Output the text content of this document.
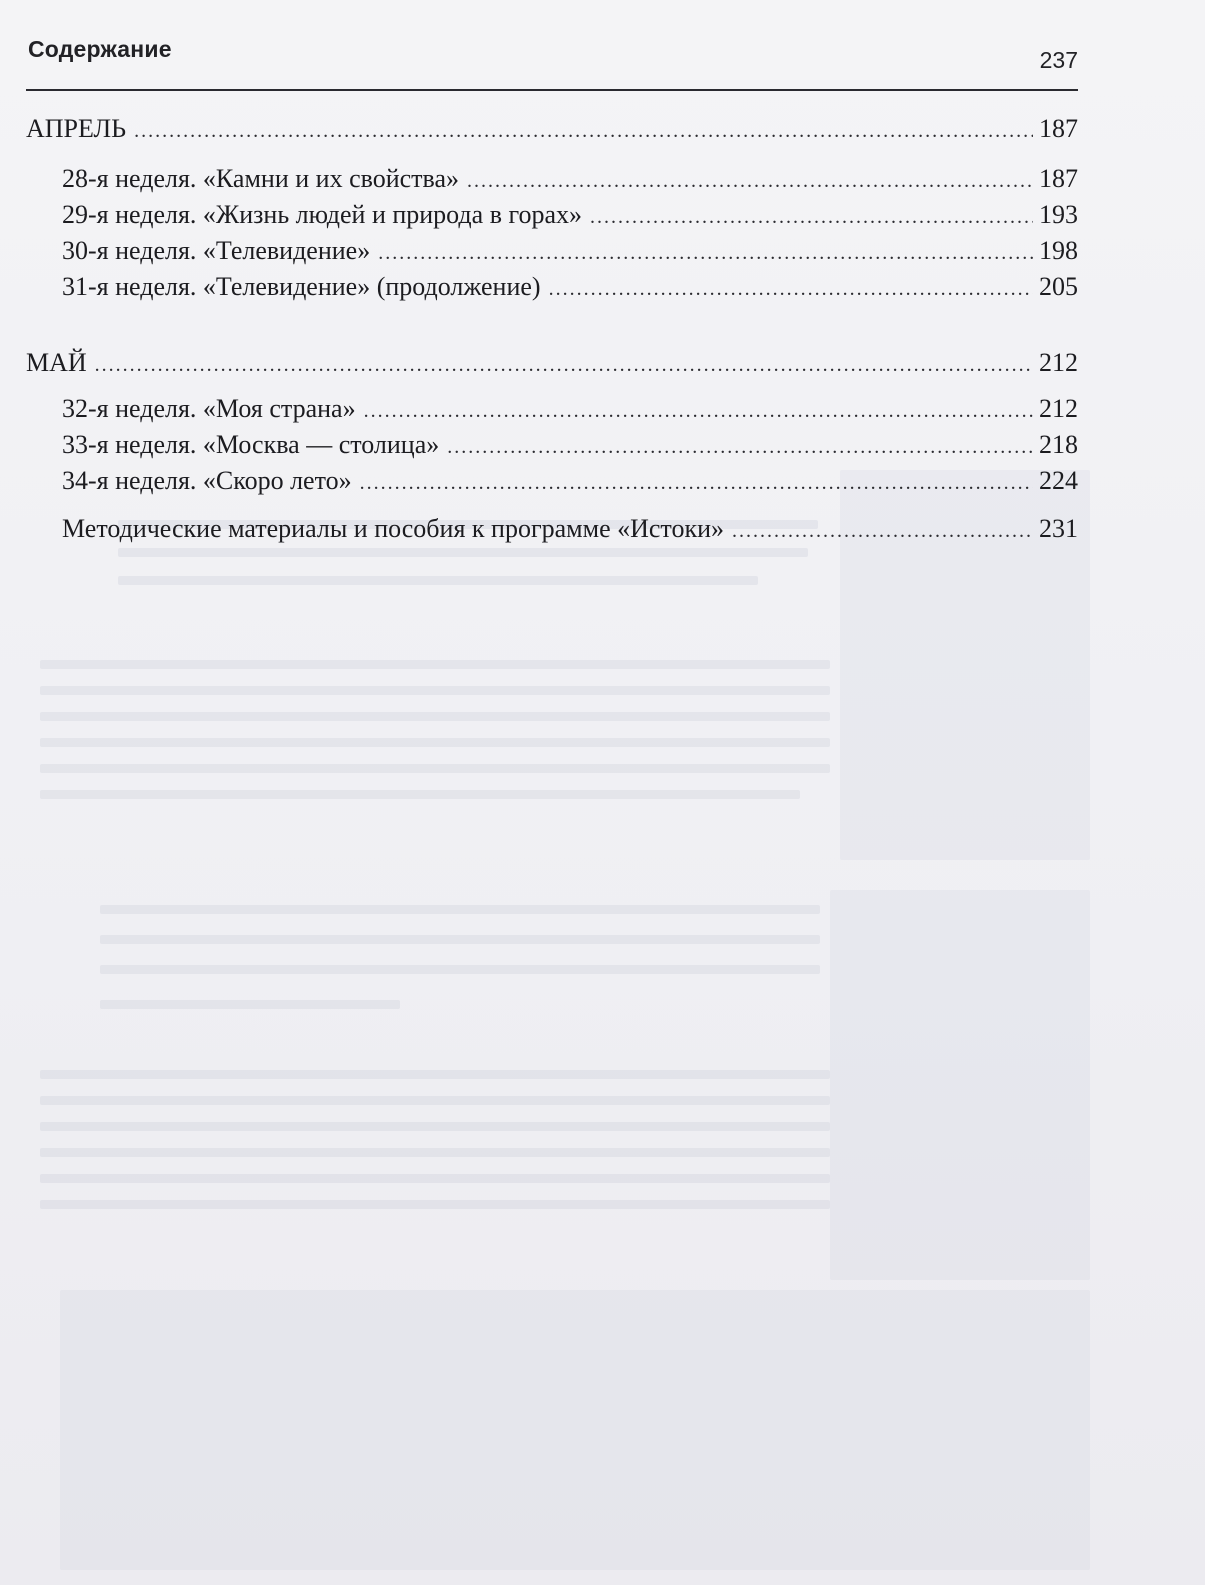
Содержание	237
АПРЕЛЬ .....	187
28-я неделя. «Камни и их свойства» .....	187
29-я неделя. «Жизнь людей и природа в горах» .....	193
30-я неделя. «Телевидение» .....	198
31-я неделя. «Телевидение» (продолжение) .....	205
МАЙ .....	212
32-я неделя. «Моя страна» .....	212
33-я неделя. «Москва — столица» .....	218
34-я неделя. «Скоро лето» .....	224
Методические материалы и пособия к программе «Истоки» .....	231
